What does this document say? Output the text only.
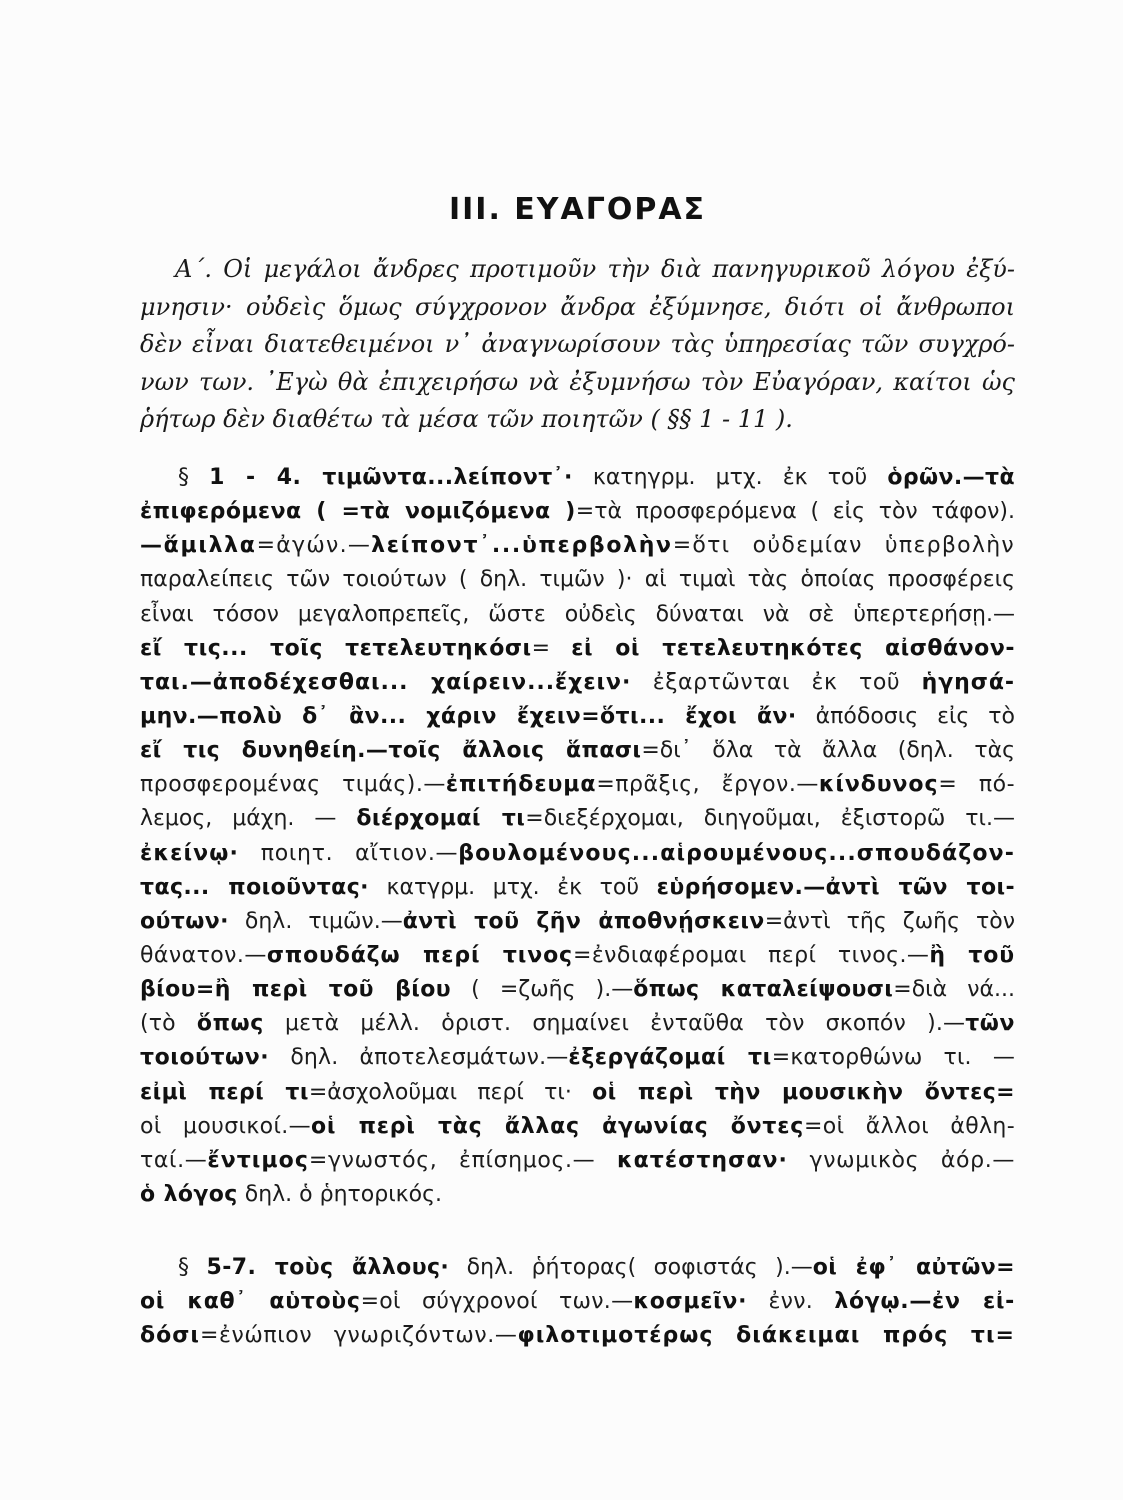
III. ΕΥΑΓΟΡΑΣ
Α΄. Οἱ μεγάλοι ἄνδρες προτιμοῦν τὴν διὰ πανηγυρικοῦ λόγου ἐξύ-
μνησιν· οὐδεὶς ὅμως σύγχρονον ἄνδρα ἐξύμνησε, διότι οἱ ἄνθρωποι
δὲν εἶναι διατεθειμένοι ν᾽ ἀναγνωρίσουν τὰς ὑπηρεσίας τῶν συγχρό-
νων των. ᾽Εγὼ θὰ ἐπιχειρήσω νὰ ἐξυμνήσω τὸν Εὐαγόραν, καίτοι ὡς
ῥήτωρ δὲν διαθέτω τὰ μέσα τῶν ποιητῶν ( §§ 1 - 11 ).
§ 1 - 4. τιμῶντα...λείποντ᾽· κατηγρμ. μτχ. ἐκ τοῦ ὁρῶν.—τὰ
ἐπιφερόμενα ( =τὰ νομιζόμενα )=τὰ προσφερόμενα ( εἰς τὸν τάφον).
—ἅμιλλα=ἀγών.—λείποντ᾽...ὑπερβολὴν=ὅτι οὐδεμίαν ὑπερβολὴν
παραλείπεις τῶν τοιούτων ( δηλ. τιμῶν )· αἱ τιμαὶ τὰς ὁποίας προσφέρεις
εἶναι τόσον μεγαλοπρεπεῖς, ὥστε οὐδεὶς δύναται νὰ σὲ ὑπερτερήσῃ.—
εἴ τις... τοῖς τετελευτηκόσι= εἰ οἱ τετελευτηκότες αἰσθάνον-
ται.—ἀποδέχεσθαι... χαίρειν...ἔχειν· ἐξαρτῶνται ἐκ τοῦ ἡγησά-
μην.—πολὺ δ᾽ ἂν... χάριν ἔχειν=ὅτι... ἔχοι ἄν· ἀπόδοσις εἰς τὸ
εἴ τις δυνηθείη.—τοῖς ἄλλοις ἅπασι=δι᾽ ὅλα τὰ ἄλλα (δηλ. τὰς
προσφερομένας τιμάς).—ἐπιτήδευμα=πρᾶξις, ἔργον.—κίνδυνος= πό-
λεμος, μάχη. — διέρχομαί τι=διεξέρχομαι, διηγοῦμαι, ἐξιστορῶ τι.—
ἐκείνῳ· ποιητ. αἴτιον.—βουλομένους...αἱρουμένους...σπουδάζον-
τας... ποιοῦντας· κατγρμ. μτχ. ἐκ τοῦ εὑρήσομεν.—ἀντὶ τῶν τοι-
ούτων· δηλ. τιμῶν.—ἀντὶ τοῦ ζῆν ἀποθνῄσκειν=ἀντὶ τῆς ζωῆς τὸν
θάνατον.—σπουδάζω περί τινος=ἐνδιαφέρομαι περί τινος.—ἢ τοῦ
βίου=ἢ περὶ τοῦ βίου ( =ζωῆς ).—ὅπως καταλείψουσι=διὰ νά...
(τὸ ὅπως μετὰ μέλλ. ὁριστ. σημαίνει ἐνταῦθα τὸν σκοπόν ).—τῶν
τοιούτων· δηλ. ἀποτελεσμάτων.—ἐξεργάζομαί τι=κατορθώνω τι. —
εἰμὶ περί τι=ἀσχολοῦμαι περί τι· οἱ περὶ τὴν μουσικὴν ὄντες=
οἱ μουσικοί.—οἱ περὶ τὰς ἄλλας ἀγωνίας ὄντες=οἱ ἄλλοι ἀθλη-
ταί.—ἔντιμος=γνωστός, ἐπίσημος.— κατέστησαν· γνωμικὸς ἀόρ.—
ὁ λόγος δηλ. ὁ ῥητορικός.
§ 5-7. τοὺς ἄλλους· δηλ. ῥήτορας( σοφιστάς ).—οἱ ἐφ᾽ αὐτῶν=
οἱ καθ᾽ αὑτοὺς=οἱ σύγχρονοί των.—κοσμεῖν· ἐνν. λόγῳ.—ἐν εἰ-
δόσι=ἐνώπιον γνωριζόντων.—φιλοτιμοτέρως διάκειμαι πρός τι=
